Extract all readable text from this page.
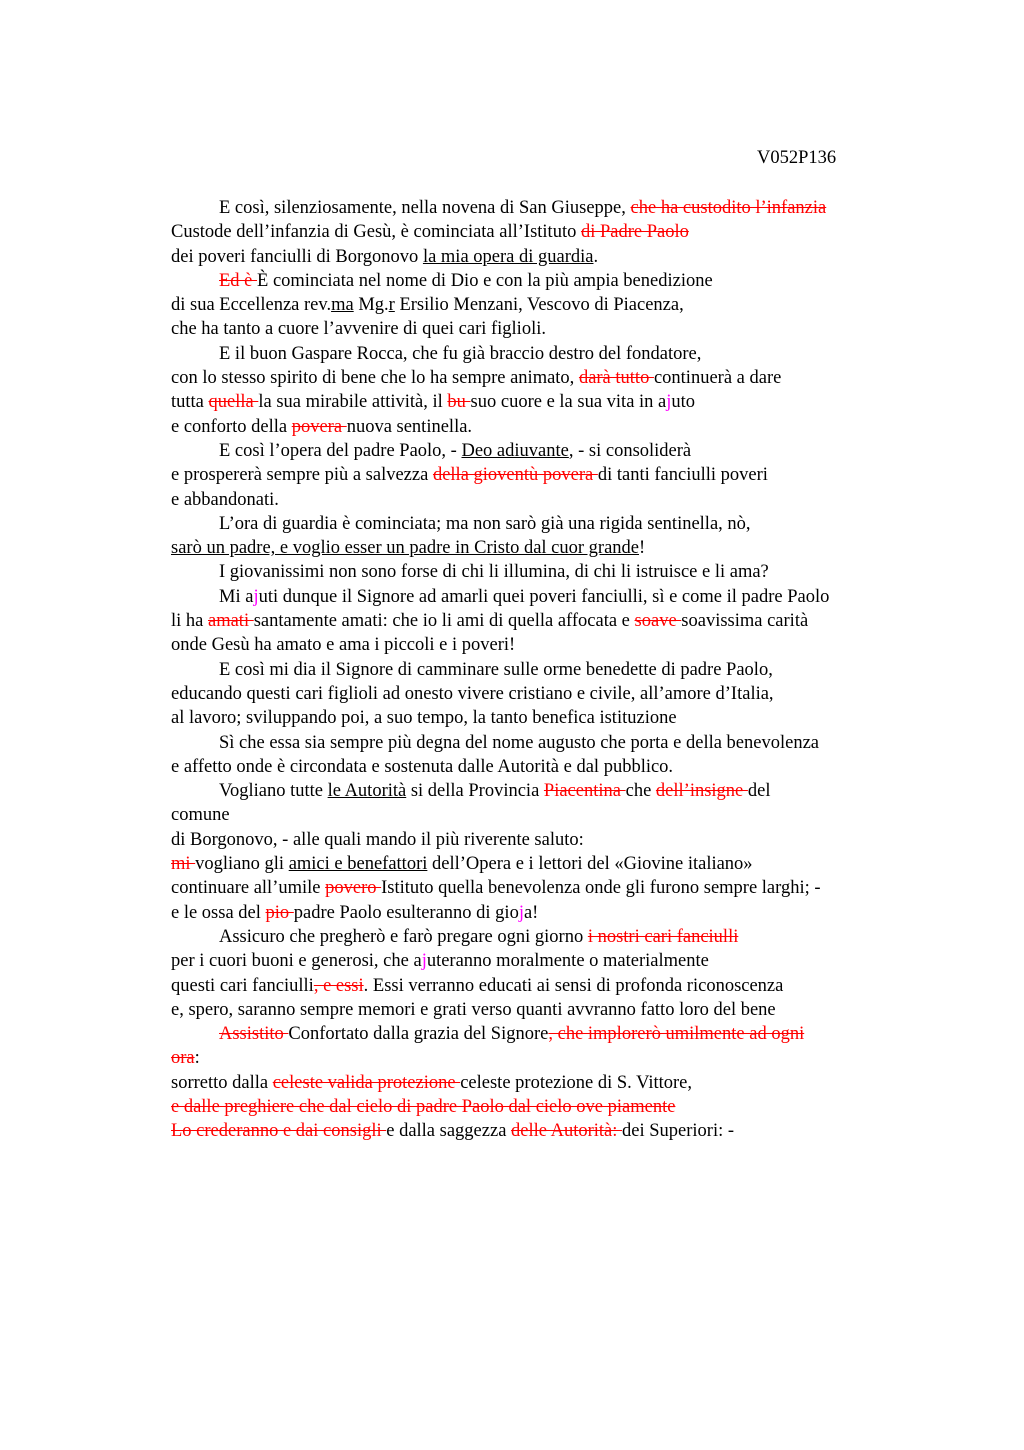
V052P136
E così, silenziosamente, nella novena di San Giuseppe, che ha custodito l’infanzia
Custode dell’infanzia di Gesù, è cominciata all’Istituto di Padre Paolo
dei poveri fanciulli di Borgonovo la mia opera di guardia.
Ed è È cominciata nel nome di Dio e con la più ampia benedizione
di sua Eccellenza rev.ma Mg.r Ersilio Menzani, Vescovo di Piacenza,
che ha tanto a cuore l’avvenire di quei cari figlioli.
E il buon Gaspare Rocca, che fu già braccio destro del fondatore,
con lo stesso spirito di bene che lo ha sempre animato, darà tutto continuerà a dare
tutta quella la sua mirabile attività, il bu suo cuore e la sua vita in ajuto
e conforto della povera nuova sentinella.
E così l’opera del padre Paolo, - Deo adiuvante, - si consoliderà
e prospererà sempre più a salvezza della gioventù povera di tanti fanciulli poveri
e abbandonati.
L’ora di guardia è cominciata; ma non sarò già una rigida sentinella, nò,
sarò un padre, e voglio esser un padre in Cristo dal cuor grande!
I giovanissimi non sono forse di chi li illumina, di chi li istruisce e li ama?
Mi ajuti dunque il Signore ad amarli quei poveri fanciulli, sì e come il padre Paolo
li ha amati santamente amati: che io li ami di quella affocata e soave soavissima carità
onde Gesù ha amato e ama i piccoli e i poveri!
E così mi dia il Signore di camminare sulle orme benedette di padre Paolo,
educando questi cari figlioli ad onesto vivere cristiano e civile, all’amore d’Italia,
al lavoro; sviluppando poi, a suo tempo, la tanto benefica istituzione
Sì che essa sia sempre più degna del nome augusto che porta e della benevolenza
e affetto onde è circondata e sostenuta dalle Autorità e dal pubblico.
Vogliano tutte le Autorità si della Provincia Piacentina che dell’insigne del
comune
di Borgonovo, - alle quali mando il più riverente saluto:
mi vogliano gli amici e benefattori dell’Opera e i lettori del «Giovine italiano»
continuare all’umile povero Istituto quella benevolenza onde gli furono sempre larghi; -
e le ossa del pio padre Paolo esulteranno di gioja!
Assicuro che pregherò e farò pregare ogni giorno i nostri cari fanciulli
per i cuori buoni e generosi, che ajuteranno moralmente o materialmente
questi cari fanciulli, e essi. Essi verranno educati ai sensi di profonda riconoscenza
e, spero, saranno sempre memori e grati verso quanti avvranno fatto loro del bene
Assistito Confortato dalla grazia del Signore, che implorerò umilmente ad ogni
ora:
sorretto dalla celeste valida protezione celeste protezione di S. Vittore,
e dalle preghiere che dal cielo di padre Paolo dal cielo ove piamente
Lo crederanno e dai consigli e dalla saggezza delle Autorità: dei Superiori: -
